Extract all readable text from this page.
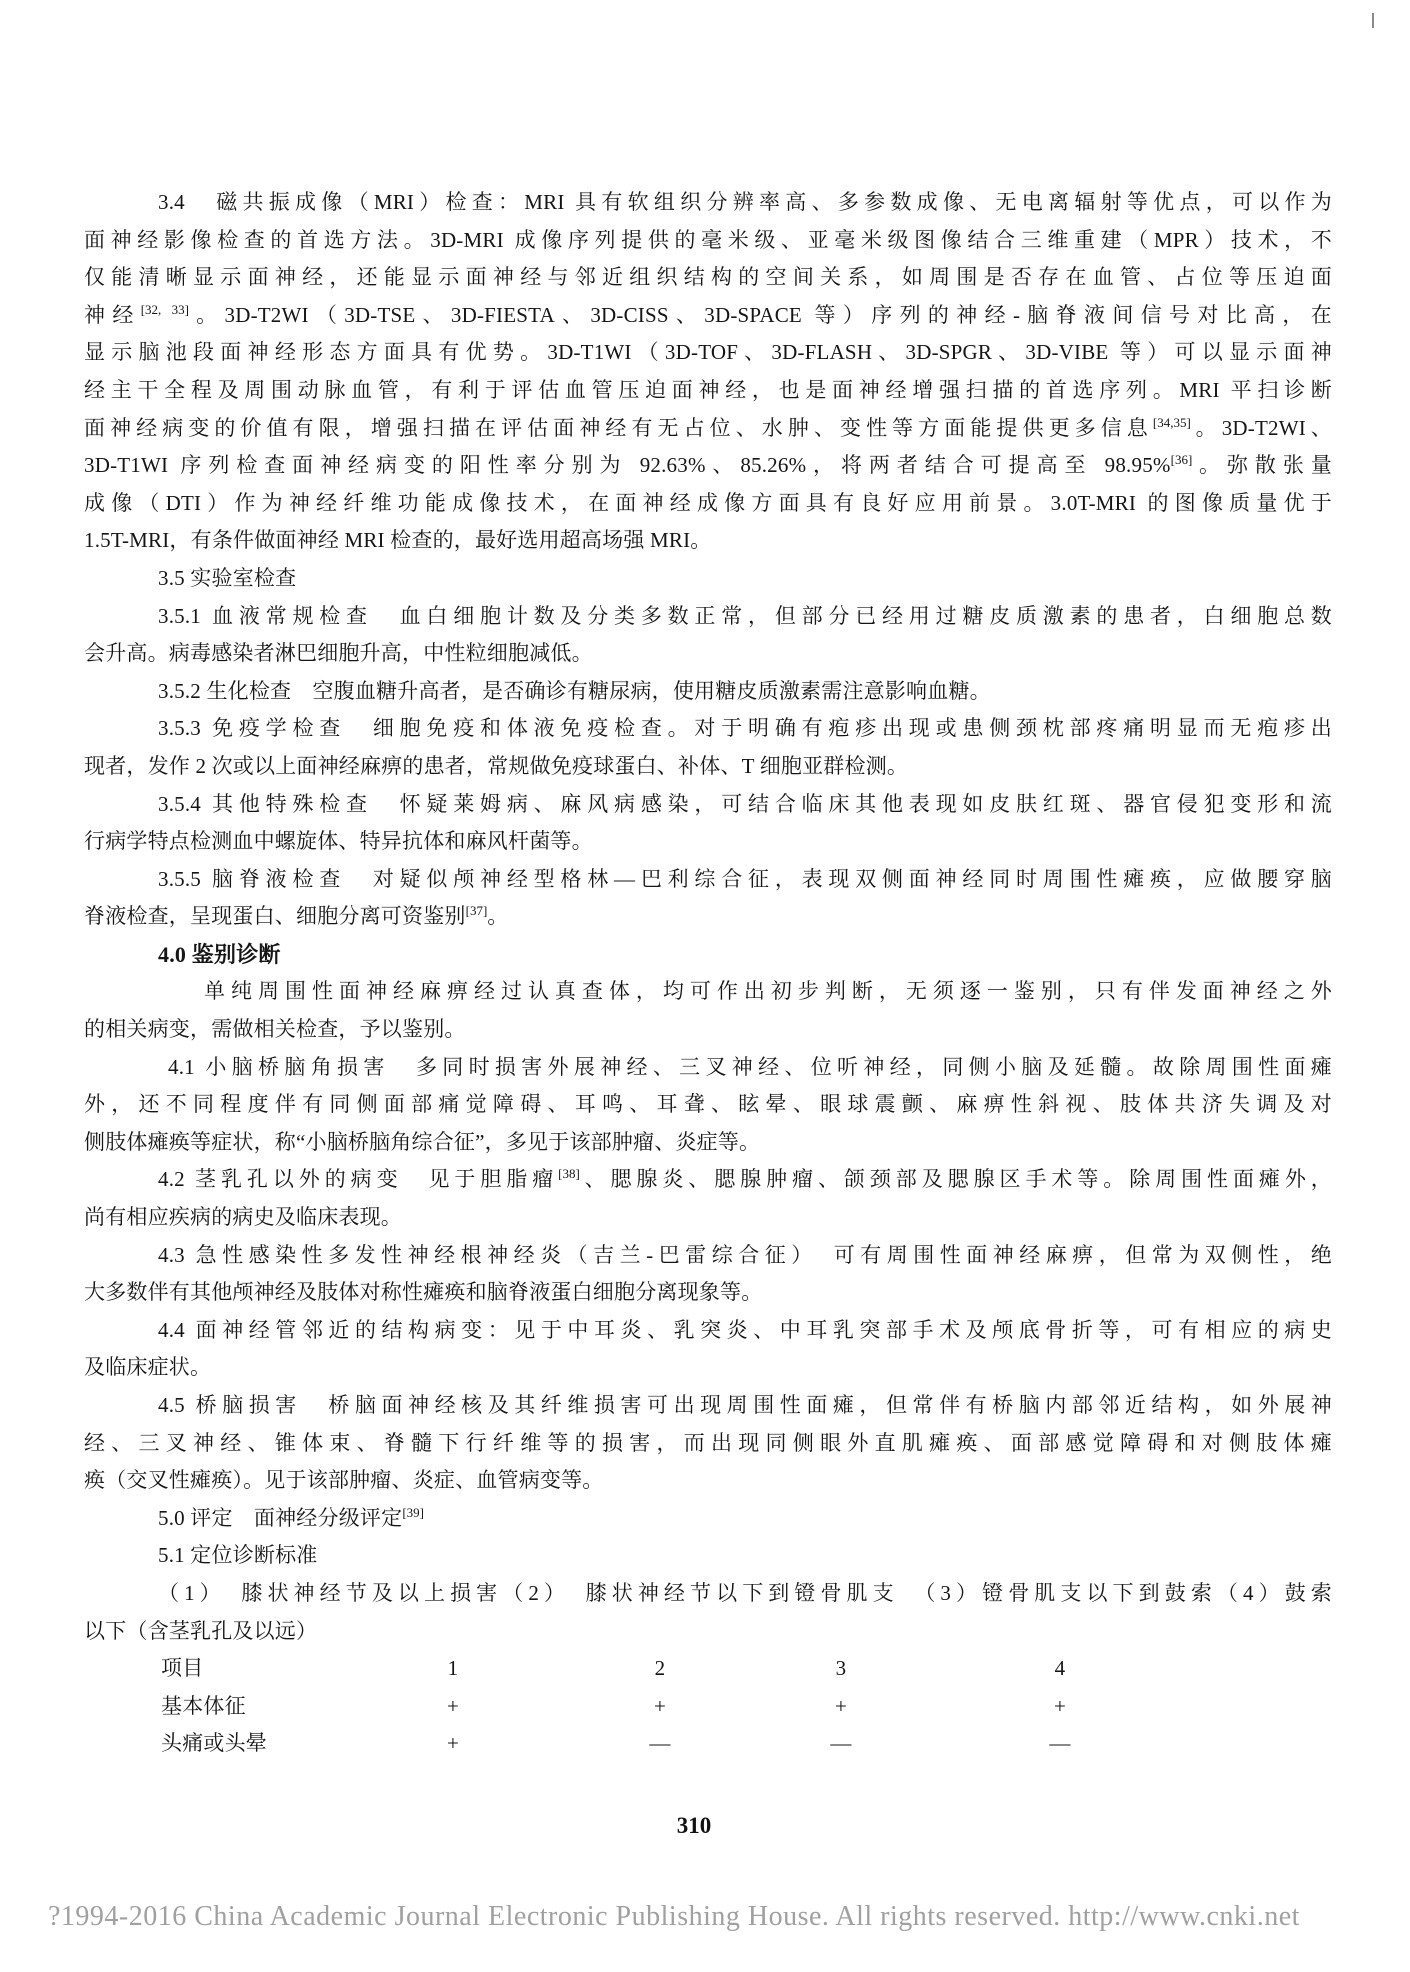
3.4　磁共振成像（MRI）检查：MRI 具有软组织分辨率高、多参数成像、无电离辐射等优点，可以作为
面神经影像检查的首选方法。3D-MRI 成像序列提供的毫米级、亚毫米级图像结合三维重建（MPR）技术，不
仅能清晰显示面神经，还能显示面神经与邻近组织结构的空间关系，如周围是否存在血管、占位等压迫面
神经[32, 33]。3D-T2WI（3D-TSE、3D-FIESTA、3D-CISS、3D-SPACE 等）序列的神经-脑脊液间信号对比高，在
显示脑池段面神经形态方面具有优势。3D-T1WI（3D-TOF、3D-FLASH、3D-SPGR、3D-VIBE 等）可以显示面神
经主干全程及周围动脉血管，有利于评估血管压迫面神经，也是面神经增强扫描的首选序列。MRI 平扫诊断
面神经病变的价值有限，增强扫描在评估面神经有无占位、水肿、变性等方面能提供更多信息[34,35]。3D-T2WI、
3D-T1WI 序列检查面神经病变的阳性率分别为 92.63%、85.26%，将两者结合可提高至 98.95%[36]。弥散张量
成像（DTI）作为神经纤维功能成像技术，在面神经成像方面具有良好应用前景。3.0T-MRI 的图像质量优于
1.5T-MRI，有条件做面神经 MRI 检查的，最好选用超高场强 MRI。
3.5 实验室检查
3.5.1 血液常规检查　血白细胞计数及分类多数正常，但部分已经用过糖皮质激素的患者，白细胞总数
会升高。病毒感染者淋巴细胞升高，中性粒细胞减低。
3.5.2 生化检查　空腹血糖升高者，是否确诊有糖尿病，使用糖皮质激素需注意影响血糖。
3.5.3 免疫学检查　细胞免疫和体液免疫检查。对于明确有疱疹出现或患侧颈枕部疼痛明显而无疱疹出
现者，发作 2 次或以上面神经麻痹的患者，常规做免疫球蛋白、补体、T 细胞亚群检测。
3.5.4 其他特殊检查　怀疑莱姆病、麻风病感染，可结合临床其他表现如皮肤红斑、器官侵犯变形和流
行病学特点检测血中螺旋体、特异抗体和麻风杆菌等。
3.5.5 脑脊液检查　对疑似颅神经型格林—巴利综合征，表现双侧面神经同时周围性瘫痪，应做腰穿脑
脊液检查，呈现蛋白、细胞分离可资鉴别[37]。
4.0 鉴别诊断
单纯周围性面神经麻痹经过认真查体，均可作出初步判断，无须逐一鉴别，只有伴发面神经之外
的相关病变，需做相关检查，予以鉴别。
4.1 小脑桥脑角损害　多同时损害外展神经、三叉神经、位听神经，同侧小脑及延髓。故除周围性面瘫
外，还不同程度伴有同侧面部痛觉障碍、耳鸣、耳聋、眩晕、眼球震颤、麻痹性斜视、肢体共济失调及对
侧肢体瘫痪等症状，称“小脑桥脑角综合征”，多见于该部肿瘤、炎症等。
4.2 茎乳孔以外的病变　见于胆脂瘤[38]、腮腺炎、腮腺肿瘤、颌颈部及腮腺区手术等。除周围性面瘫外，
尚有相应疾病的病史及临床表现。
4.3 急性感染性多发性神经根神经炎（吉兰-巴雷综合征）　可有周围性面神经麻痹，但常为双侧性，绝
大多数伴有其他颅神经及肢体对称性瘫痪和脑脊液蛋白细胞分离现象等。
4.4 面神经管邻近的结构病变：见于中耳炎、乳突炎、中耳乳突部手术及颅底骨折等，可有相应的病史
及临床症状。
4.5 桥脑损害　桥脑面神经核及其纤维损害可出现周围性面瘫，但常伴有桥脑内部邻近结构，如外展神
经、三叉神经、锥体束、脊髓下行纤维等的损害，而出现同侧眼外直肌瘫痪、面部感觉障碍和对侧肢体瘫
痪（交叉性瘫痪）。见于该部肿瘤、炎症、血管病变等。
5.0 评定　面神经分级评定[39]
5.1 定位诊断标准
（1）　膝状神经节及以上损害（2）　膝状神经节以下到镫骨肌支　（3）镫骨肌支以下到鼓索（4）鼓索
以下（含茎乳孔及以远）
项目	1	2	3	4
基本体征	+	+	+	+
头痛或头晕	+	—	—	—
310
?1994-2016 China Academic Journal Electronic Publishing House. All rights reserved. http://www.cnki.net
